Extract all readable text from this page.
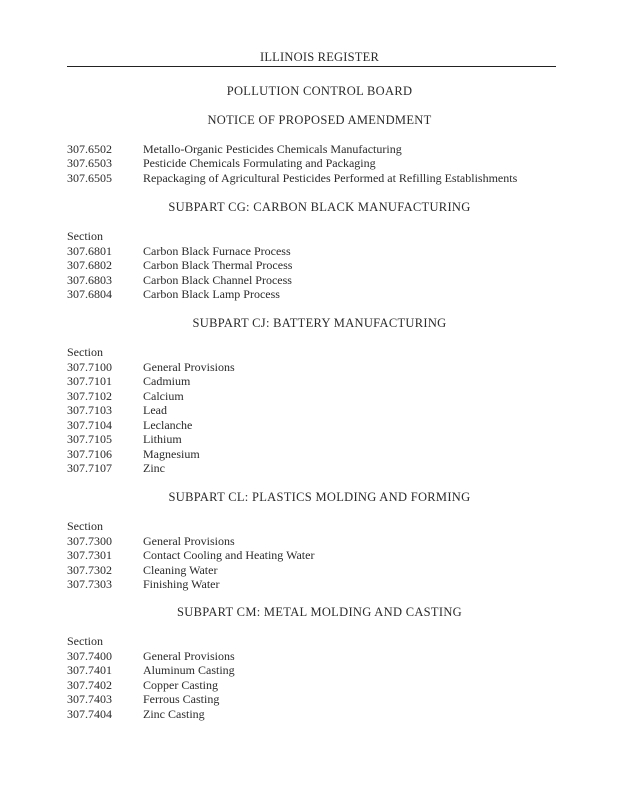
ILLINOIS REGISTER
POLLUTION CONTROL BOARD
NOTICE OF PROPOSED AMENDMENT
307.6502	Metallo-Organic Pesticides Chemicals Manufacturing
307.6503	Pesticide Chemicals Formulating and Packaging
307.6505	Repackaging of Agricultural Pesticides Performed at Refilling Establishments
SUBPART CG: CARBON BLACK MANUFACTURING
Section
307.6801	Carbon Black Furnace Process
307.6802	Carbon Black Thermal Process
307.6803	Carbon Black Channel Process
307.6804	Carbon Black Lamp Process
SUBPART CJ: BATTERY MANUFACTURING
Section
307.7100	General Provisions
307.7101	Cadmium
307.7102	Calcium
307.7103	Lead
307.7104	Leclanche
307.7105	Lithium
307.7106	Magnesium
307.7107	Zinc
SUBPART CL: PLASTICS MOLDING AND FORMING
Section
307.7300	General Provisions
307.7301	Contact Cooling and Heating Water
307.7302	Cleaning Water
307.7303	Finishing Water
SUBPART CM: METAL MOLDING AND CASTING
Section
307.7400	General Provisions
307.7401	Aluminum Casting
307.7402	Copper Casting
307.7403	Ferrous Casting
307.7404	Zinc Casting
